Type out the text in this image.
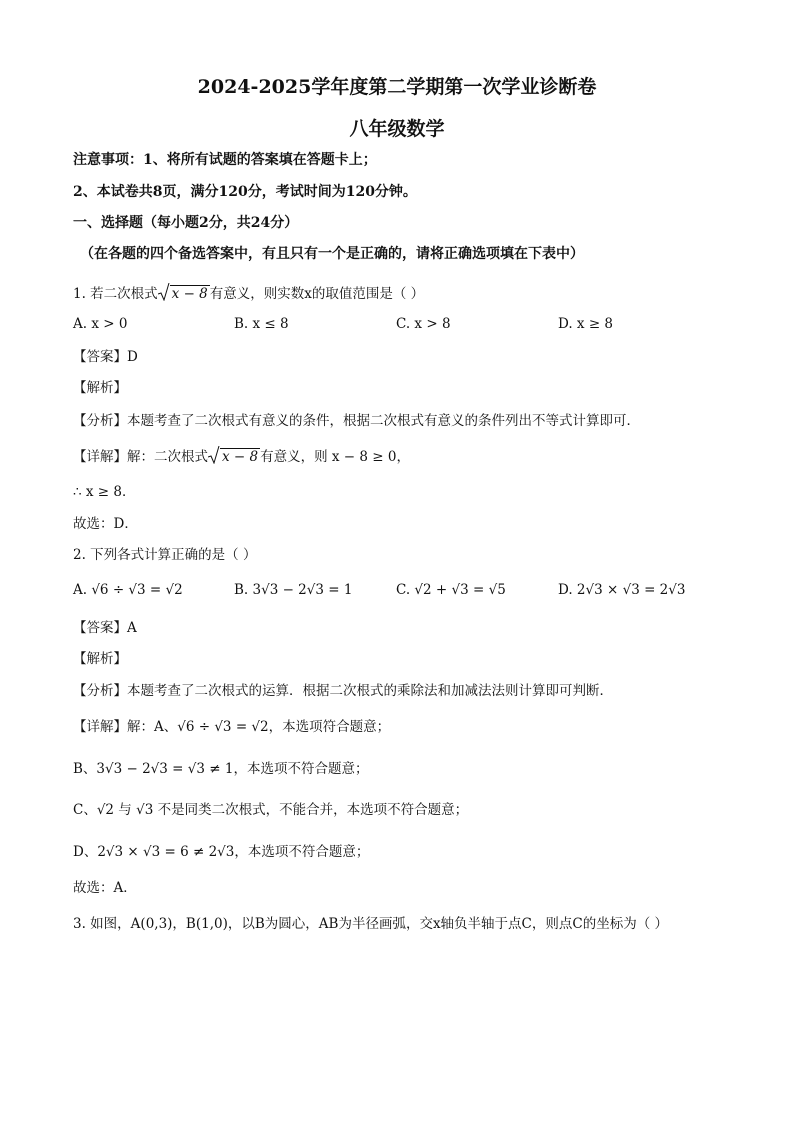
2024-2025学年度第二学期第一次学业诊断卷
八年级数学
注意事项：1、将所有试题的答案填在答题卡上；
2、本试卷共8页，满分120分，考试时间为120分钟。
一、选择题（每小题2分，共24分）
（在各题的四个备选答案中，有且只有一个是正确的，请将正确选项填在下表中）
1. 若二次根式 x − 8 有意义，则实数x的取值范围是（ ）
A. x > 0	B. x ≤ 8	C. x > 8	D. x ≥ 8
【答案】D
【解析】
【分析】本题考查了二次根式有意义的条件，根据二次根式有意义的条件列出不等式计算即可．
【详解】解：二次根式 x − 8 有意义，则 x − 8 ≥ 0，
∴ x ≥ 8．
故选：D．
2. 下列各式计算正确的是（ ）
A. √6 ÷ √3 = √2	B. 3√3 − 2√3 = 1	C. √2 + √3 = √5	D. 2√3 × √3 = 2√3
【答案】A
【解析】
【分析】本题考查了二次根式的运算．根据二次根式的乘除法和加减法法则计算即可判断．
【详解】解：A、√6 ÷ √3 = √2，本选项符合题意；
B、3√3 − 2√3 = √3 ≠ 1，本选项不符合题意；
C、√2 与 √3 不是同类二次根式，不能合并，本选项不符合题意；
D、2√3 × √3 = 6 ≠ 2√3，本选项不符合题意；
故选：A．
3. 如图，A(0,3)，B(1,0)，以B为圆心，AB为半径画弧，交x轴负半轴于点C，则点C的坐标为（ ）
